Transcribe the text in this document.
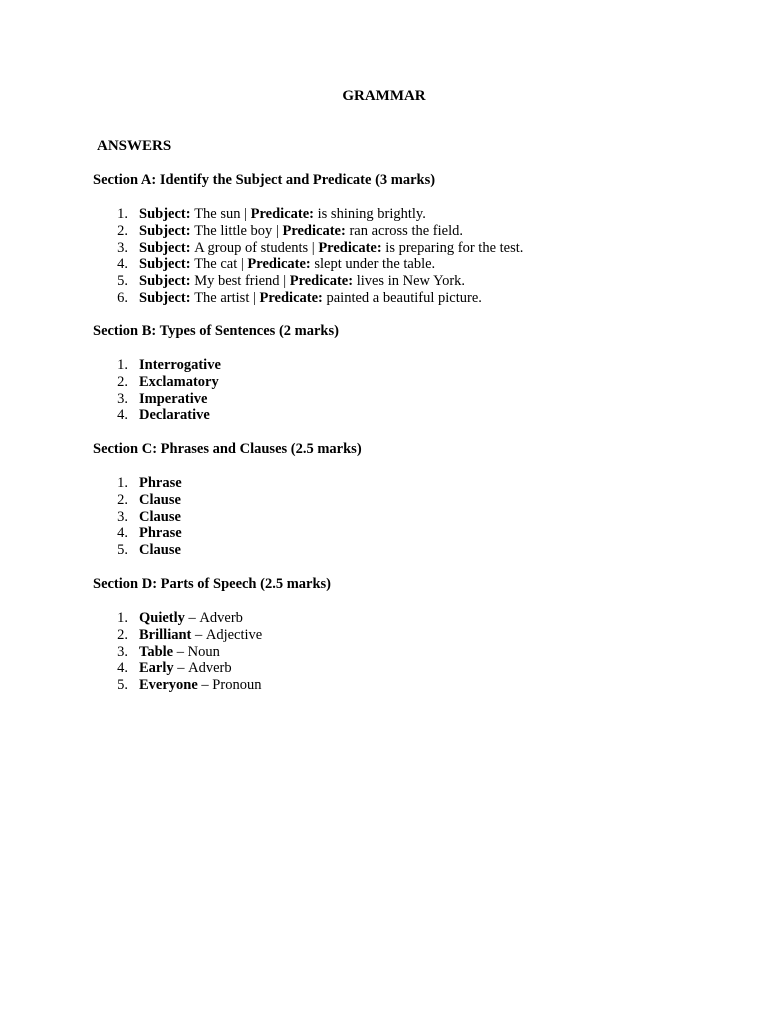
GRAMMAR
ANSWERS

Section A: Identify the Subject and Predicate (3 marks)

1. Subject: The sun | Predicate: is shining brightly.
2. Subject: The little boy | Predicate: ran across the field.
3. Subject: A group of students | Predicate: is preparing for the test.
4. Subject: The cat | Predicate: slept under the table.
5. Subject: My best friend | Predicate: lives in New York.
6. Subject: The artist | Predicate: painted a beautiful picture.

Section B: Types of Sentences (2 marks)

1. Interrogative
2. Exclamatory
3. Imperative
4. Declarative

Section C: Phrases and Clauses (2.5 marks)

1. Phrase
2. Clause
3. Clause
4. Phrase
5. Clause

Section D: Parts of Speech (2.5 marks)

1. Quietly – Adverb
2. Brilliant – Adjective
3. Table – Noun
4. Early – Adverb
5. Everyone – Pronoun
